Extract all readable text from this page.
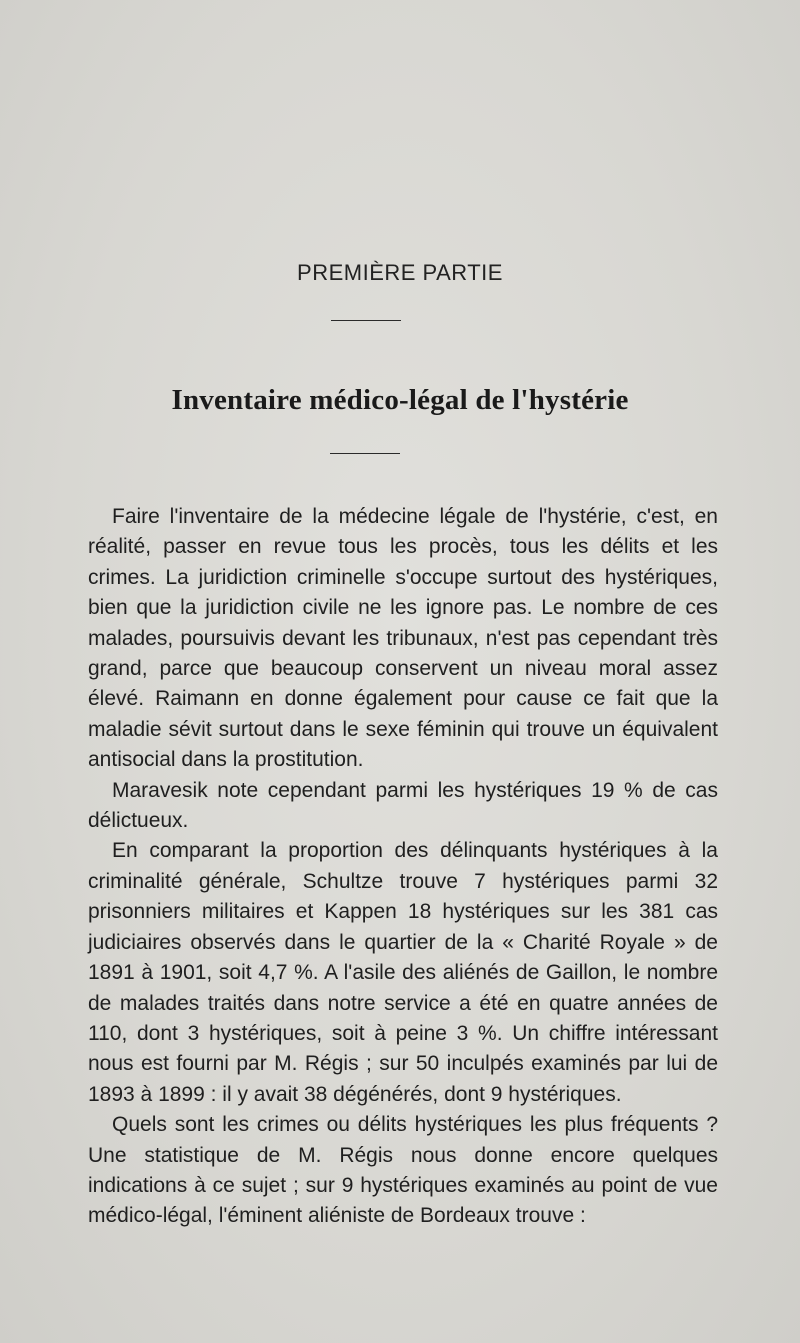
PREMIÈRE PARTIE
Inventaire médico-légal de l'hystérie

Faire l'inventaire de la médecine légale de l'hystérie, c'est, en réalité, passer en revue tous les procès, tous les délits et les crimes. La juridiction criminelle s'occupe surtout des hystériques, bien que la juridiction civile ne les ignore pas. Le nombre de ces malades, poursuivis devant les tribunaux, n'est pas cependant très grand, parce que beaucoup conservent un niveau moral assez élevé. Raimann en donne également pour cause ce fait que la maladie sévit surtout dans le sexe féminin qui trouve un équivalent antisocial dans la prostitution.

Maravesik note cependant parmi les hystériques 19 % de cas délictueux.

En comparant la proportion des délinquants hystériques à la criminalité générale, Schultze trouve 7 hystériques parmi 32 prisonniers militaires et Kappen 18 hystériques sur les 381 cas judiciaires observés dans le quartier de la « Charité Royale » de 1891 à 1901, soit 4,7 %. A l'asile des aliénés de Gaillon, le nombre de malades traités dans notre service a été en quatre années de 110, dont 3 hystériques, soit à peine 3 %. Un chiffre intéressant nous est fourni par M. Régis ; sur 50 inculpés examinés par lui de 1893 à 1899 : il y avait 38 dégénérés, dont 9 hystériques.

Quels sont les crimes ou délits hystériques les plus fréquents ? Une statistique de M. Régis nous donne encore quelques indications à ce sujet ; sur 9 hystériques examinés au point de vue médico-légal, l'éminent aliéniste de Bordeaux trouve :
